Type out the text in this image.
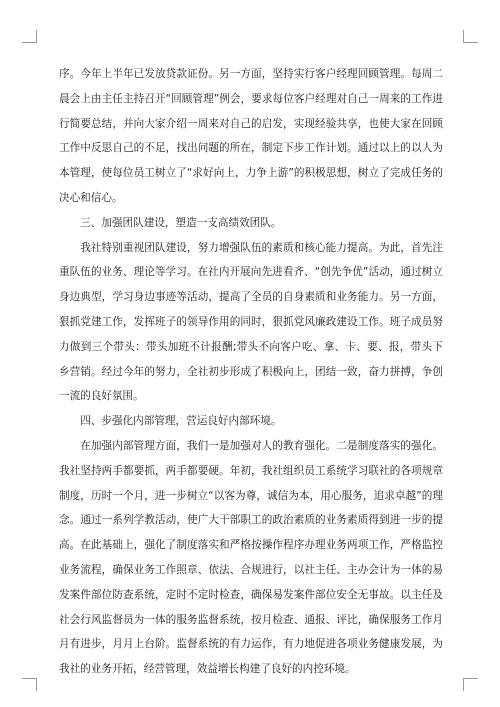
序。今年上半年已发放贷款证份。另一方面，坚持实行客户经理回顾管理。每周二晨会上由主任主持召开“回顾管理”例会，要求每位客户经理对自己一周来的工作进行简要总结，并向大家介绍一周来对自己的启发，实现经验共享，也使大家在回顾工作中反思自己的不足，找出问题的所在，制定下步工作计划。通过以上的以人为本管理，使每位员工树立了“求好向上，力争上游”的积极思想，树立了完成任务的决心和信心。

三、加强团队建设，塑造一支高绩效团队。

我社特别重视团队建设，努力增强队伍的素质和核心能力提高。为此，首先注重队伍的业务、理论等学习。在社内开展向先进看齐、“创先争优”活动，通过树立身边典型，学习身边事迹等活动，提高了全员的自身素质和业务能力。另一方面，狠抓党建工作，发挥班子的领导作用的同时，狠抓党风廉政建设工作。班子成员努力做到三个带头：带头加班不计报酬;带头不向客户吃、拿、卡、要、报，带头下乡营销。经过今年的努力，全社初步形成了积极向上，团结一致，奋力拼搏，争创一流的良好氛围。

四、步强化内部管理，营运良好内部环境。

在加强内部管理方面，我们一是加强对人的教育强化。二是制度落实的强化。我社坚持两手都要抓，两手都要硬。年初，我社组织员工系统学习联社的各项规章制度，历时一个月，进一步树立“以客为尊，诚信为本，用心服务，追求卓越”的理念。通过一系列学教活动，使广大干部职工的政治素质的业务素质得到进一步的提高。在此基础上，强化了制度落实和严格按操作程序办理业务两项工作，严格监控业务流程，确保业务工作照章、依法、合规进行，以社主任、主办会计为一体的易发案件部位防查系统，定时不定时检查，确保易发案件部位安全无事故。以主任及社会行风监督员为一体的服务监督系统，按月检查、通报、评比，确保服务工作月月有进步，月月上台阶。监督系统的有力运作，有力地促进各项业务健康发展，为我社的业务开拓，经营管理，效益增长构建了良好的内控环境。
